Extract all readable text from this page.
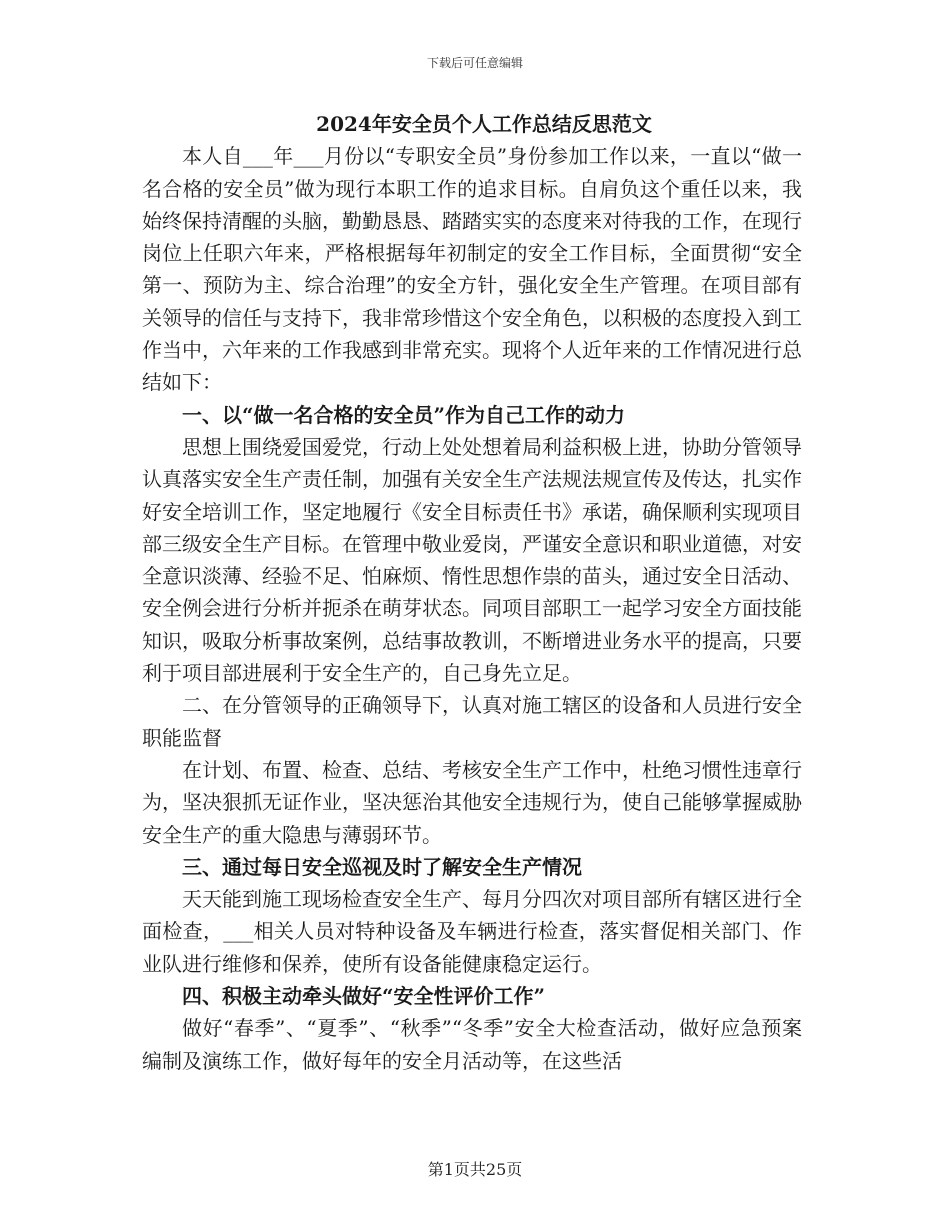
下载后可任意编辑
2024年安全员个人工作总结反思范文

本人自___年___月份以“专职安全员”身份参加工作以来，一直以“做一名合格的安全员”做为现行本职工作的追求目标。自肩负这个重任以来，我始终保持清醒的头脑，勤勤恳恳、踏踏实实的态度来对待我的工作，在现行岗位上任职六年来，严格根据每年初制定的安全工作目标，全面贯彻“安全第一、预防为主、综合治理”的安全方针，强化安全生产管理。在项目部有关领导的信任与支持下，我非常珍惜这个安全角色，以积极的态度投入到工作当中，六年来的工作我感到非常充实。现将个人近年来的工作情况进行总结如下：

一、以“做一名合格的安全员”作为自己工作的动力

思想上围绕爱国爱党，行动上处处想着局利益积极上进，协助分管领导认真落实安全生产责任制，加强有关安全生产法规法规宣传及传达，扎实作好安全培训工作，坚定地履行《安全目标责任书》承诺，确保顺利实现项目部三级安全生产目标。在管理中敬业爱岗，严谨安全意识和职业道德，对安全意识淡薄、经验不足、怕麻烦、惰性思想作祟的苗头，通过安全日活动、安全例会进行分析并扼杀在萌芽状态。同项目部职工一起学习安全方面技能知识，吸取分析事故案例，总结事故教训，不断增进业务水平的提高，只要利于项目部进展利于安全生产的，自己身先立足。

二、在分管领导的正确领导下，认真对施工辖区的设备和人员进行安全职能监督

在计划、布置、检查、总结、考核安全生产工作中，杜绝习惯性违章行为，坚决狠抓无证作业，坚决惩治其他安全违规行为，使自己能够掌握威胁安全生产的重大隐患与薄弱环节。

三、通过每日安全巡视及时了解安全生产情况

天天能到施工现场检查安全生产、每月分四次对项目部所有辖区进行全面检查，___相关人员对特种设备及车辆进行检查，落实督促相关部门、作业队进行维修和保养，使所有设备能健康稳定运行。

四、积极主动牵头做好“安全性评价工作”

做好“春季”、“夏季”、“秋季”“冬季”安全大检查活动，做好应急预案编制及演练工作，做好每年的安全月活动等，在这些活

第1页共25页
